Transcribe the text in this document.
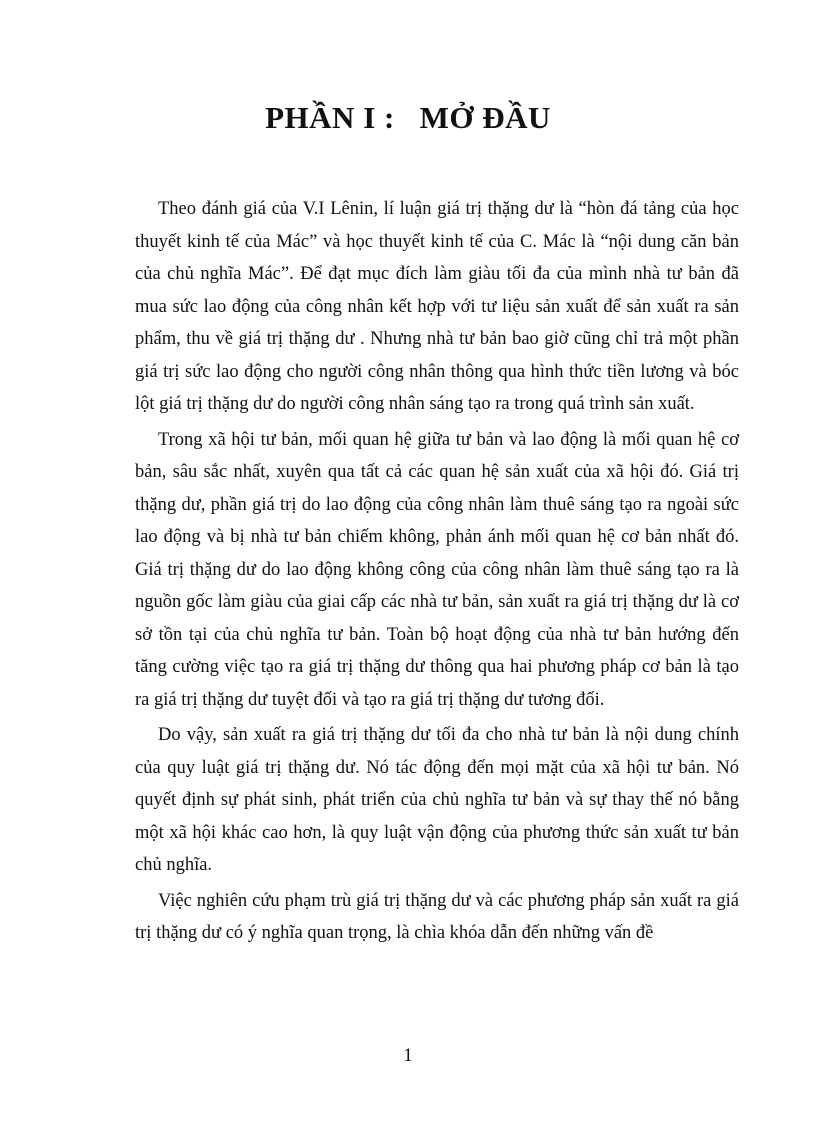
PHẦN I :   MỞ ĐẦU

Theo đánh giá của V.I Lênin, lí luận giá trị thặng dư là “hòn đá tảng của học thuyết kinh tế của Mác” và học thuyết kinh tế của C. Mác là “nội dung căn bản của chủ nghĩa Mác”. Để đạt mục đích làm giàu tối đa của mình nhà tư bản đã mua sức lao động của công nhân kết hợp với tư liệu sản xuất để sản xuất ra sản phẩm, thu về giá trị thặng dư . Nhưng nhà tư bản bao giờ cũng chỉ trả một phần giá trị sức lao động cho người công nhân thông qua hình thức tiền lương và bóc lột giá trị thặng dư do người công nhân sáng tạo ra trong quá trình sản xuất.

Trong xã hội tư bản, mối quan hệ giữa tư bản và lao động là mối quan hệ cơ bản, sâu sắc nhất, xuyên qua tất cả các quan hệ sản xuất của xã hội đó. Giá trị thặng dư, phần giá trị do lao động của công nhân làm thuê sáng tạo ra ngoài sức lao động và bị nhà tư bản chiếm không, phản ánh mối quan hệ cơ bản nhất đó. Giá trị thặng dư do lao động không công của công nhân làm thuê sáng tạo ra là nguồn gốc làm giàu của giai cấp các nhà tư bản, sản xuất ra giá trị thặng dư là cơ sở tồn tại của chủ nghĩa tư bản. Toàn bộ hoạt động của nhà tư bản hướng đến tăng cường việc tạo ra giá trị thặng dư thông qua hai phương pháp cơ bản là tạo ra giá trị thặng dư tuyệt đối và tạo ra giá trị thặng dư tương đối.

Do vậy, sản xuất ra giá trị thặng dư tối đa cho nhà tư bản là nội dung chính của quy luật giá trị thặng dư. Nó tác động đến mọi mặt của xã hội tư bản. Nó quyết định sự phát sinh, phát triển của chủ nghĩa tư bản và sự thay thế nó bằng một xã hội khác cao hơn, là quy luật vận động của phương thức sản xuất tư bản chủ nghĩa.

Việc nghiên cứu phạm trù giá trị thặng dư và các phương pháp sản xuất ra giá trị thặng dư có ý nghĩa quan trọng, là chìa khóa dẫn đến những vấn đề

1
